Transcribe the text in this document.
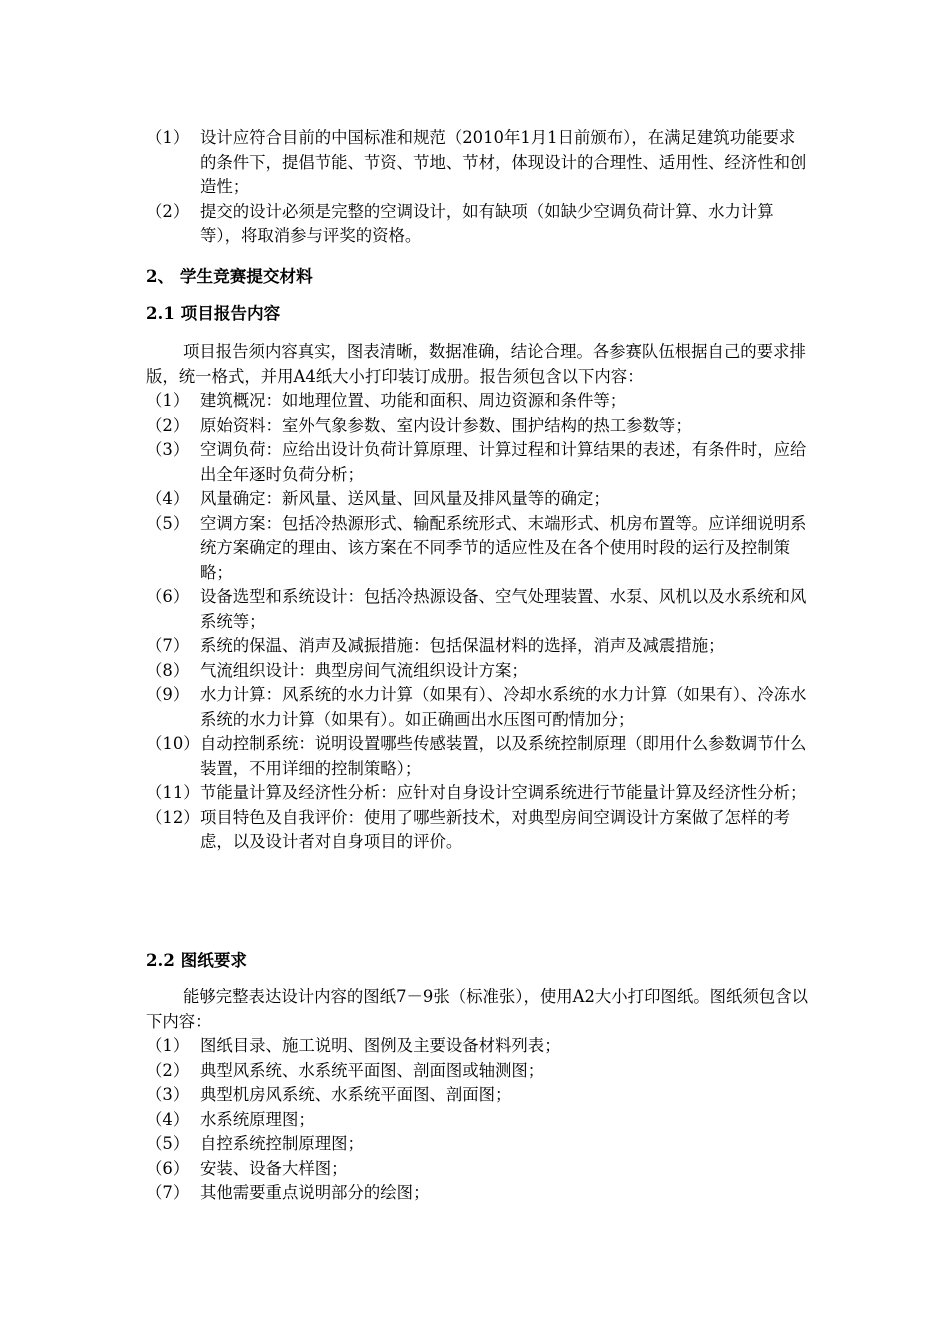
（1） 设计应符合目前的中国标准和规范（2010年1月1日前颁布），在满足建筑功能要求的条件下，提倡节能、节资、节地、节材，体现设计的合理性、适用性、经济性和创造性；
（2） 提交的设计必须是完整的空调设计，如有缺项（如缺少空调负荷计算、水力计算等），将取消参与评奖的资格。
2、 学生竞赛提交材料
2.1 项目报告内容
项目报告须内容真实，图表清晰，数据准确，结论合理。各参赛队伍根据自己的要求排版，统一格式，并用A4纸大小打印装订成册。报告须包含以下内容：
（1） 建筑概况：如地理位置、功能和面积、周边资源和条件等；
（2） 原始资料：室外气象参数、室内设计参数、围护结构的热工参数等；
（3） 空调负荷：应给出设计负荷计算原理、计算过程和计算结果的表述，有条件时，应给出全年逐时负荷分析；
（4） 风量确定：新风量、送风量、回风量及排风量等的确定；
（5） 空调方案：包括冷热源形式、输配系统形式、末端形式、机房布置等。应详细说明系统方案确定的理由、该方案在不同季节的适应性及在各个使用时段的运行及控制策略；
（6） 设备选型和系统设计：包括冷热源设备、空气处理装置、水泵、风机以及水系统和风系统等；
（7） 系统的保温、消声及减振措施：包括保温材料的选择，消声及减震措施；
（8） 气流组织设计：典型房间气流组织设计方案；
（9） 水力计算：风系统的水力计算（如果有）、冷却水系统的水力计算（如果有）、冷冻水系统的水力计算（如果有）。如正确画出水压图可酌情加分；
（10） 自动控制系统：说明设置哪些传感装置，以及系统控制原理（即用什么参数调节什么装置，不用详细的控制策略）；
（11） 节能量计算及经济性分析：应针对自身设计空调系统进行节能量计算及经济性分析；
（12） 项目特色及自我评价：使用了哪些新技术，对典型房间空调设计方案做了怎样的考虑，以及设计者对自身项目的评价。
2.2 图纸要求
能够完整表达设计内容的图纸7－9张（标准张），使用A2大小打印图纸。图纸须包含以下内容：
（1） 图纸目录、施工说明、图例及主要设备材料列表；
（2） 典型风系统、水系统平面图、剖面图或轴测图；
（3） 典型机房风系统、水系统平面图、剖面图；
（4） 水系统原理图；
（5） 自控系统控制原理图；
（6） 安装、设备大样图；
（7） 其他需要重点说明部分的绘图；
